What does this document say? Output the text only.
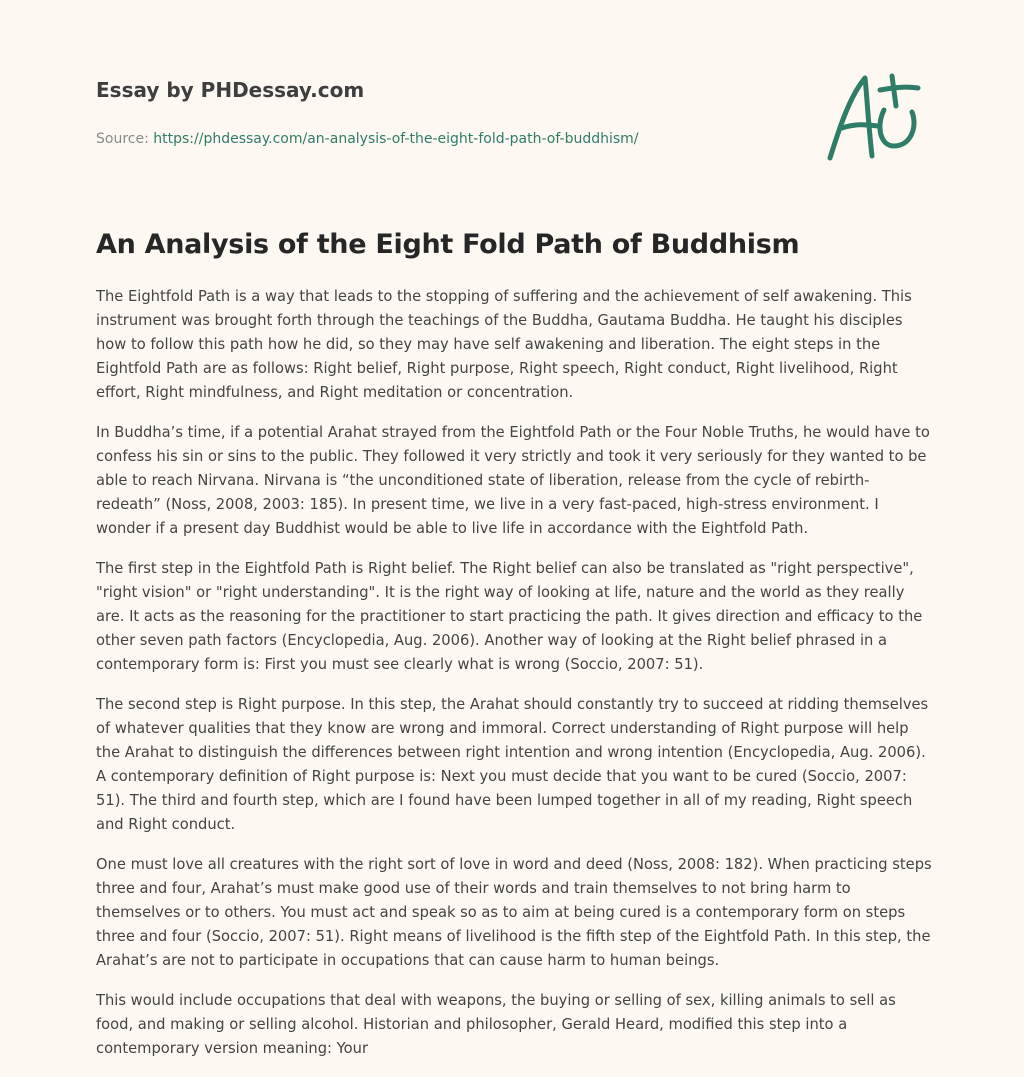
Essay by PHDessay.com
Source: https://phdessay.com/an-analysis-of-the-eight-fold-path-of-buddhism/
An Analysis of the Eight Fold Path of Buddhism

The Eightfold Path is a way that leads to the stopping of suffering and the achievement of self awakening. This instrument was brought forth through the teachings of the Buddha, Gautama Buddha. He taught his disciples how to follow this path how he did, so they may have self awakening and liberation. The eight steps in the Eightfold Path are as follows: Right belief, Right purpose, Right speech, Right conduct, Right livelihood, Right effort, Right mindfulness, and Right meditation or concentration.

In Buddha’s time, if a potential Arahat strayed from the Eightfold Path or the Four Noble Truths, he would have to confess his sin or sins to the public. They followed it very strictly and took it very seriously for they wanted to be able to reach Nirvana. Nirvana is “the unconditioned state of liberation, release from the cycle of rebirth-redeath” (Noss, 2008, 2003: 185). In present time, we live in a very fast-paced, high-stress environment. I wonder if a present day Buddhist would be able to live life in accordance with the Eightfold Path.

The first step in the Eightfold Path is Right belief. The Right belief can also be translated as "right perspective", "right vision" or "right understanding". It is the right way of looking at life, nature and the world as they really are. It acts as the reasoning for the practitioner to start practicing the path. It gives direction and efficacy to the other seven path factors (Encyclopedia, Aug. 2006). Another way of looking at the Right belief phrased in a contemporary form is: First you must see clearly what is wrong (Soccio, 2007: 51).

The second step is Right purpose. In this step, the Arahat should constantly try to succeed at ridding themselves of whatever qualities that they know are wrong and immoral. Correct understanding of Right purpose will help the Arahat to distinguish the differences between right intention and wrong intention (Encyclopedia, Aug. 2006). A contemporary definition of Right purpose is: Next you must decide that you want to be cured (Soccio, 2007: 51). The third and fourth step, which are I found have been lumped together in all of my reading, Right speech and Right conduct.

One must love all creatures with the right sort of love in word and deed (Noss, 2008: 182). When practicing steps three and four, Arahat’s must make good use of their words and train themselves to not bring harm to themselves or to others. You must act and speak so as to aim at being cured is a contemporary form on steps three and four (Soccio, 2007: 51). Right means of livelihood is the fifth step of the Eightfold Path. In this step, the Arahat’s are not to participate in occupations that can cause harm to human beings.

This would include occupations that deal with weapons, the buying or selling of sex, killing animals to sell as food, and making or selling alcohol. Historian and philosopher, Gerald Heard, modified this step into a contemporary version meaning: Your
